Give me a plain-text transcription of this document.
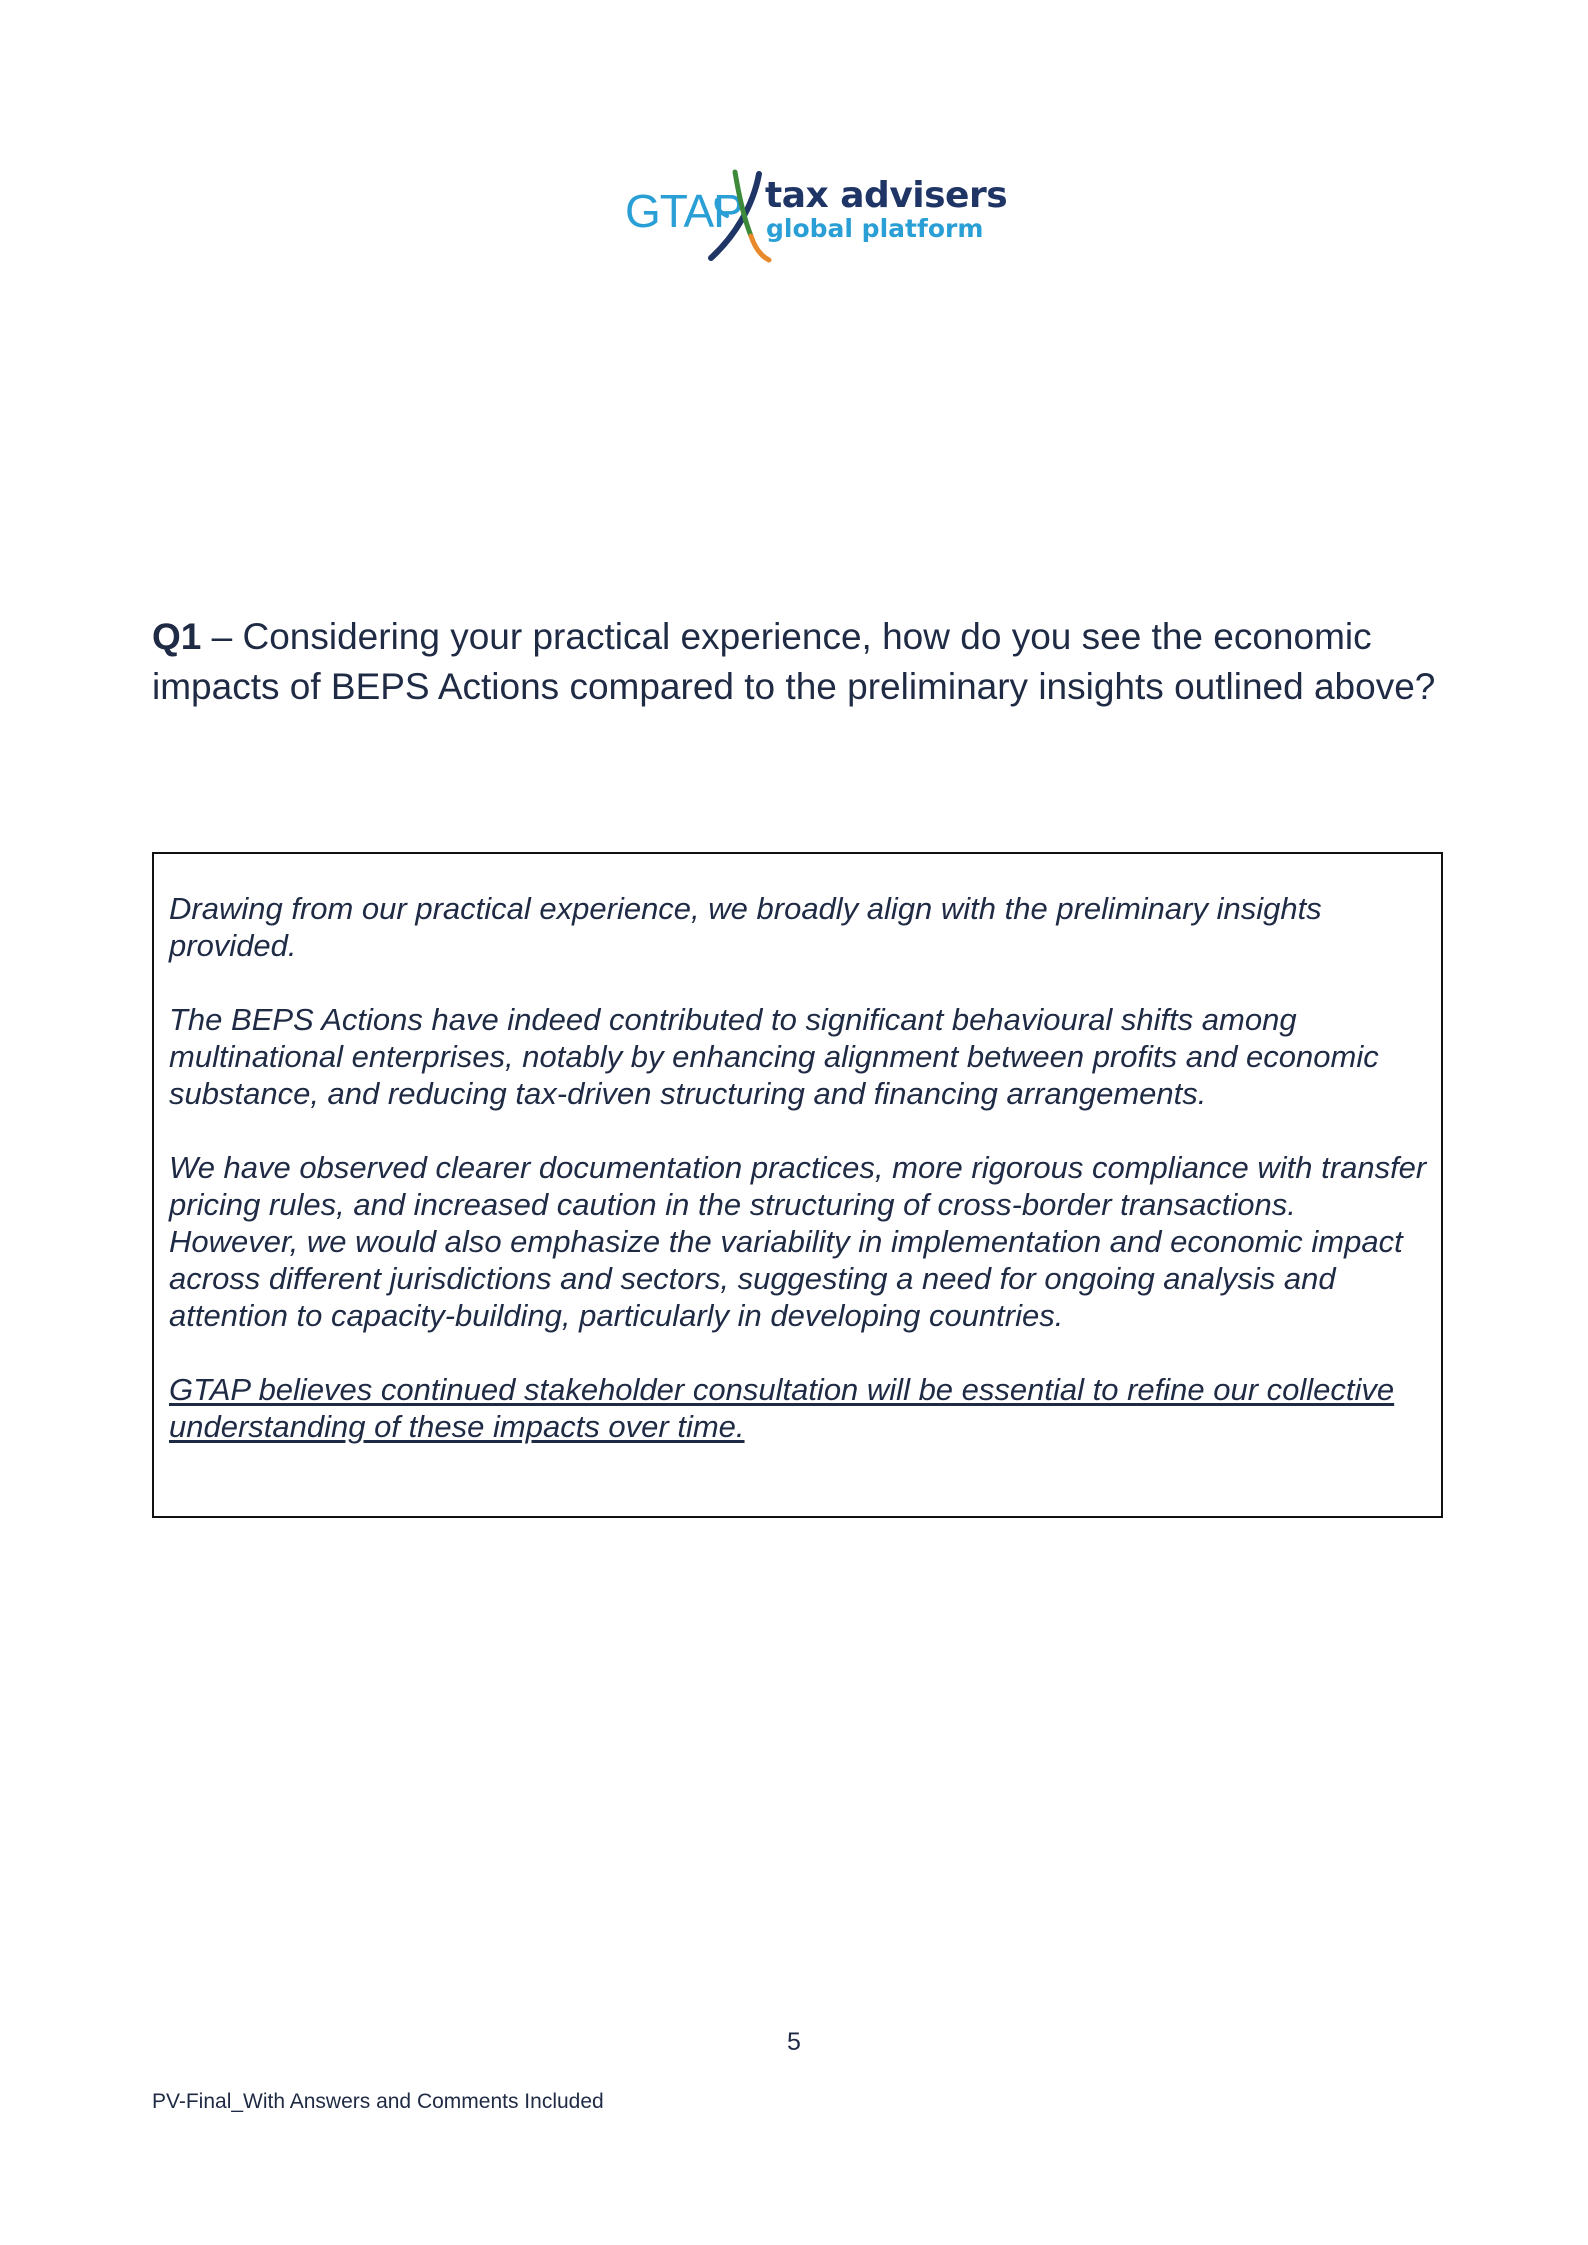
GTAP tax advisers
global platform

Q1 – Considering your practical experience, how do you see the economic impacts of BEPS Actions compared to the preliminary insights outlined above?

Drawing from our practical experience, we broadly align with the preliminary insights provided.

The BEPS Actions have indeed contributed to significant behavioural shifts among multinational enterprises, notably by enhancing alignment between profits and economic substance, and reducing tax-driven structuring and financing arrangements.

We have observed clearer documentation practices, more rigorous compliance with transfer pricing rules, and increased caution in the structuring of cross-border transactions. However, we would also emphasize the variability in implementation and economic impact across different jurisdictions and sectors, suggesting a need for ongoing analysis and attention to capacity-building, particularly in developing countries.

GTAP believes continued stakeholder consultation will be essential to refine our collective understanding of these impacts over time.

5
PV-Final_With Answers and Comments Included
